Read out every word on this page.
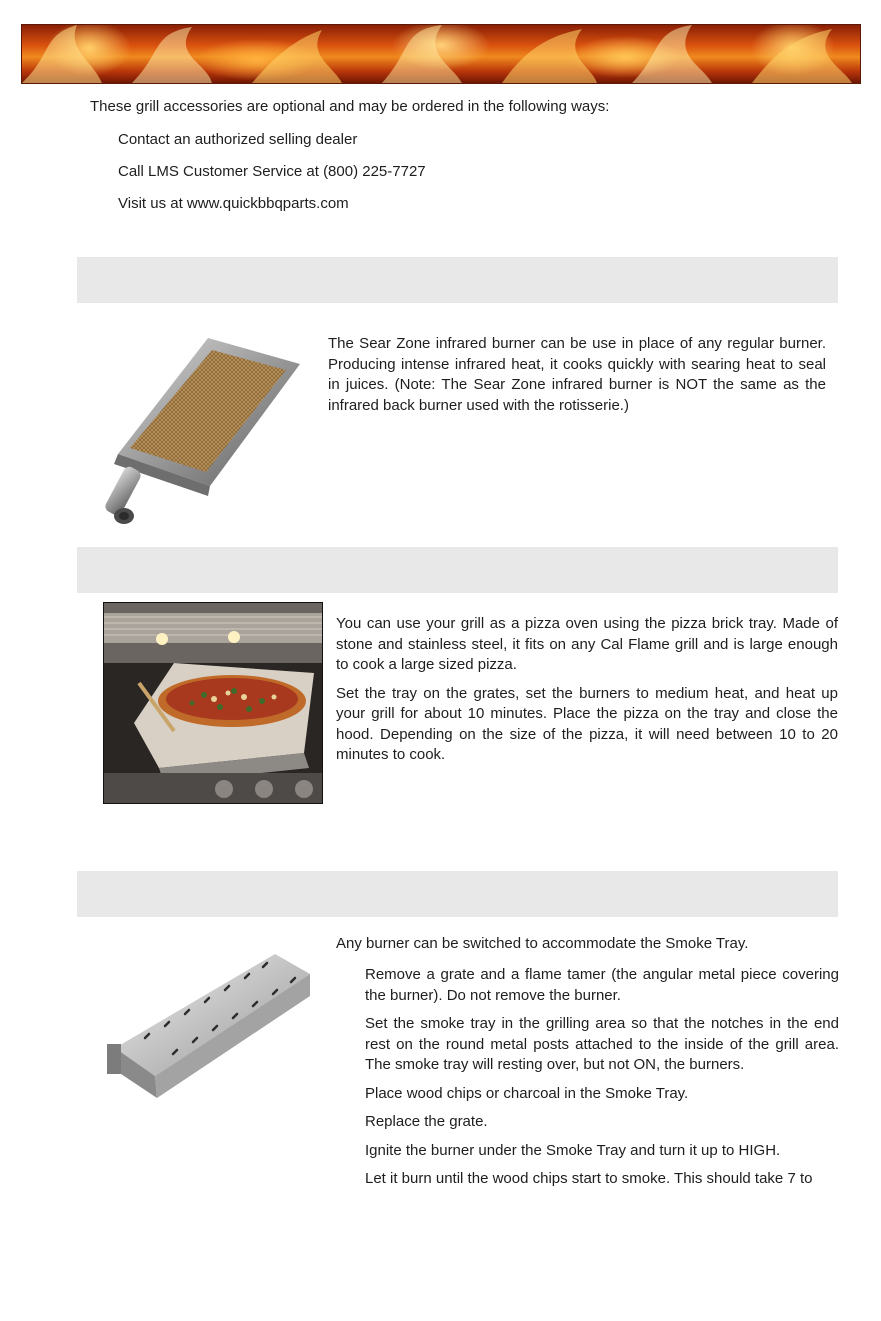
These grill accessories are optional and may be ordered in the following ways:
Contact an authorized selling dealer
Call LMS Customer Service at (800) 225-7727
Visit us at www.quickbbqparts.com
The Sear Zone infrared burner can be use in place of any regular burner. Producing intense infrared heat, it cooks quickly with searing heat to seal in juices. (Note: The Sear Zone infrared burner is NOT the same as the infrared back burner used with the rotisserie.)

You can use your grill as a pizza oven using the pizza brick tray. Made of stone and stainless steel, it fits on any Cal Flame grill and is large enough to cook a large sized pizza.

Set the tray on the grates, set the burners to medium heat, and heat up your grill for about 10 minutes. Place the pizza on the tray and close the hood. Depending on the size of the pizza, it will need between 10 to 20 minutes to cook.

Any burner can be switched to accommodate the Smoke Tray.
Remove a grate and a flame tamer (the angular metal piece covering the burner). Do not remove the burner.
Set the smoke tray in the grilling area so that the notches in the end rest on the round metal posts attached to the inside of the grill area. The smoke tray will resting over, but not ON, the burners.
Place wood chips or charcoal in the Smoke Tray.
Replace the grate.
Ignite the burner under the Smoke Tray and turn it up to HIGH.
Let it burn until the wood chips start to smoke. This should take 7 to
